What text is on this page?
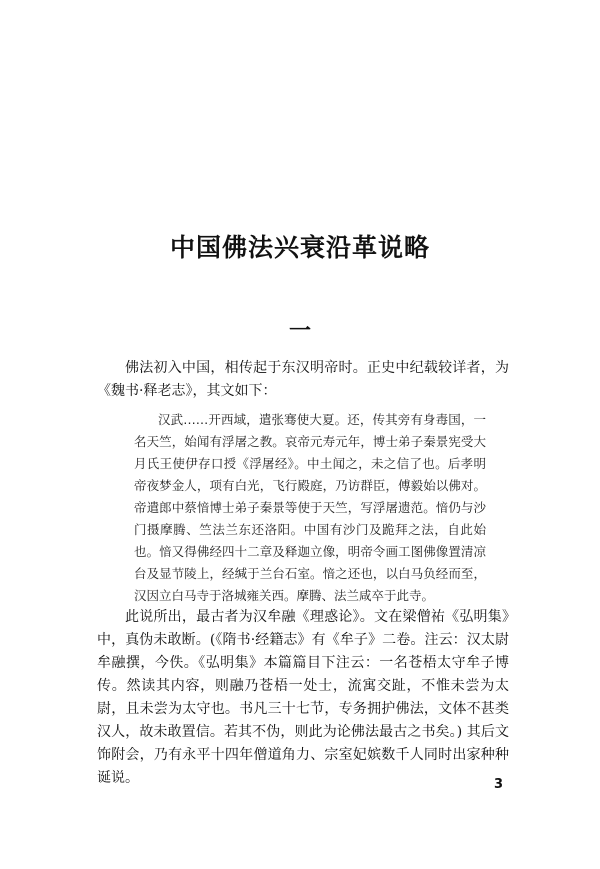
中国佛法兴衰沿革说略
一

佛法初入中国，相传起于东汉明帝时。正史中纪载较详者，为《魏书·释老志》，其文如下：

汉武……开西域，遣张骞使大夏。还，传其旁有身毒国，一名天竺，始闻有浮屠之教。哀帝元寿元年，博士弟子秦景宪受大月氏王使伊存口授《浮屠经》。中土闻之，未之信了也。后孝明帝夜梦金人，项有白光，飞行殿庭，乃访群臣，傅毅始以佛对。帝遣郎中蔡愔博士弟子秦景等使于天竺，写浮屠遗范。愔仍与沙门摄摩腾、竺法兰东还洛阳。中国有沙门及跪拜之法，自此始也。愔又得佛经四十二章及释迦立像，明帝令画工图佛像置清凉台及显节陵上，经缄于兰台石室。愔之还也，以白马负经而至，汉因立白马寺于洛城雍关西。摩腾、法兰咸卒于此寺。

此说所出，最古者为汉牟融《理惑论》。文在梁僧祐《弘明集》中，真伪未敢断。(《隋书·经籍志》有《牟子》二卷。注云：汉太尉牟融撰，今佚。《弘明集》本篇篇目下注云：一名苍梧太守牟子博传。然读其内容，则融乃苍梧一处士，流寓交趾，不惟未尝为太尉，且未尝为太守也。书凡三十七节，专务拥护佛法，文体不甚类汉人，故未敢置信。若其不伪，则此为论佛法最古之书矣。) 其后文饰附会，乃有永平十四年僧道角力、宗室妃嫔数千人同时出家种种诞说。	3
